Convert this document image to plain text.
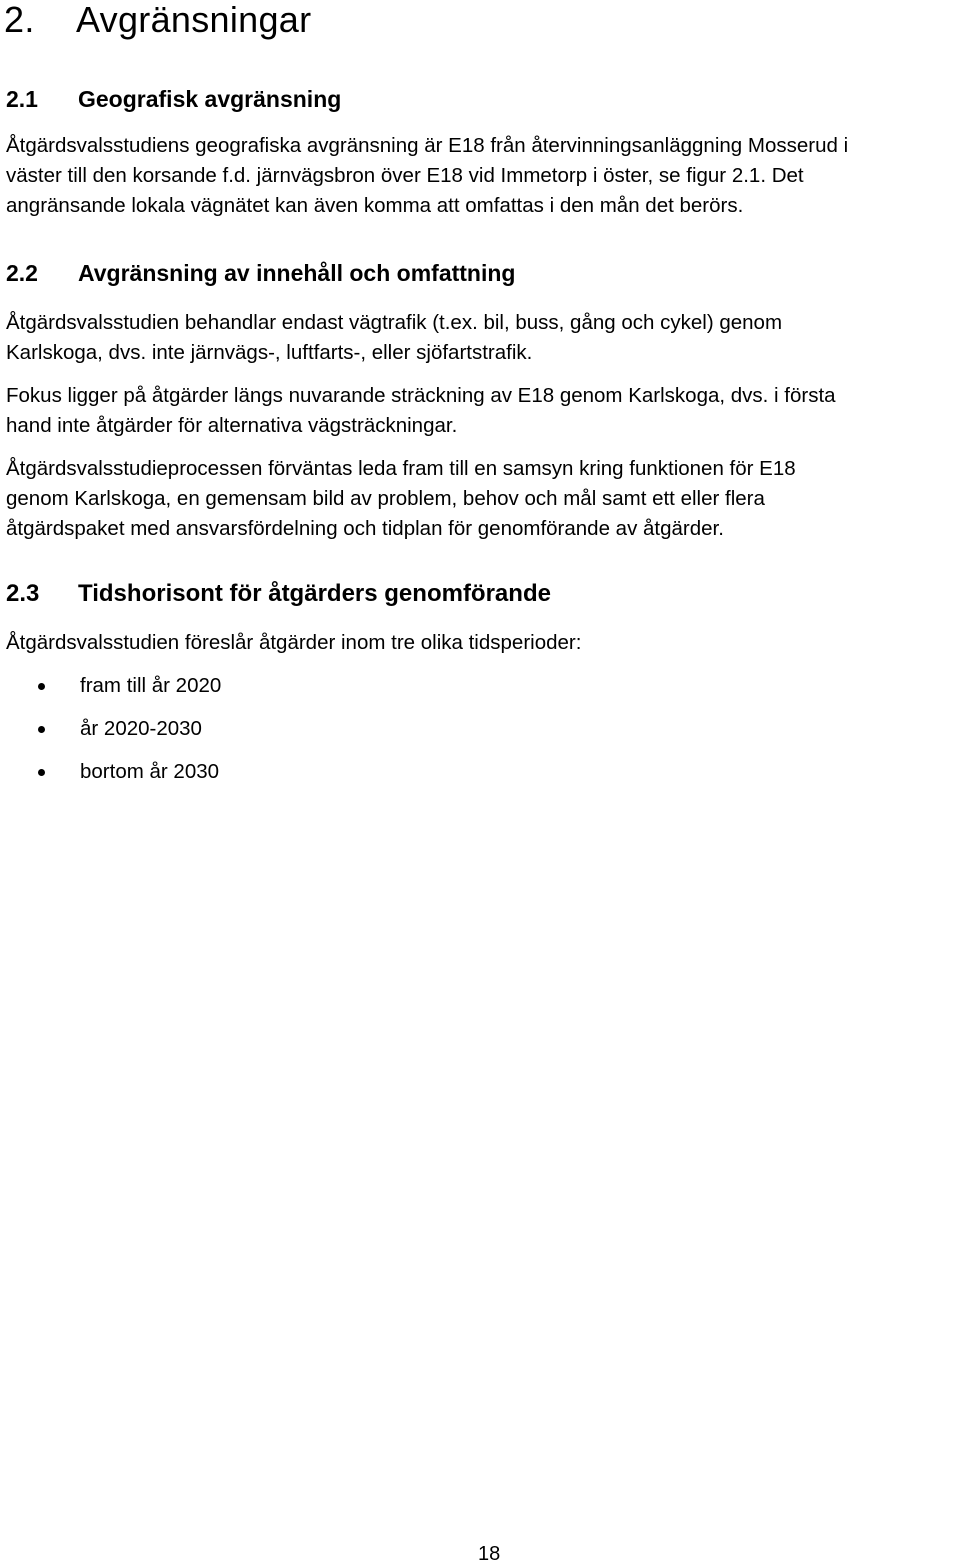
2. Avgränsningar
2.1 Geografisk avgränsning
Åtgärdsvalsstudiens geografiska avgränsning är E18 från återvinningsanläggning Mosserud i
väster till den korsande f.d. järnvägsbron över E18 vid Immetorp i öster, se figur 2.1. Det
angränsande lokala vägnätet kan även komma att omfattas i den mån det berörs.
2.2 Avgränsning av innehåll och omfattning
Åtgärdsvalsstudien behandlar endast vägtrafik (t.ex. bil, buss, gång och cykel) genom
Karlskoga, dvs. inte järnvägs-, luftfarts-, eller sjöfartstrafik.
Fokus ligger på åtgärder längs nuvarande sträckning av E18 genom Karlskoga, dvs. i första
hand inte åtgärder för alternativa vägsträckningar.
Åtgärdsvalsstudieprocessen förväntas leda fram till en samsyn kring funktionen för E18
genom Karlskoga, en gemensam bild av problem, behov och mål samt ett eller flera
åtgärdspaket med ansvarsfördelning och tidplan för genomförande av åtgärder.
2.3 Tidshorisont för åtgärders genomförande
Åtgärdsvalsstudien föreslår åtgärder inom tre olika tidsperioder:
fram till år 2020
år 2020-2030
bortom år 2030
18
